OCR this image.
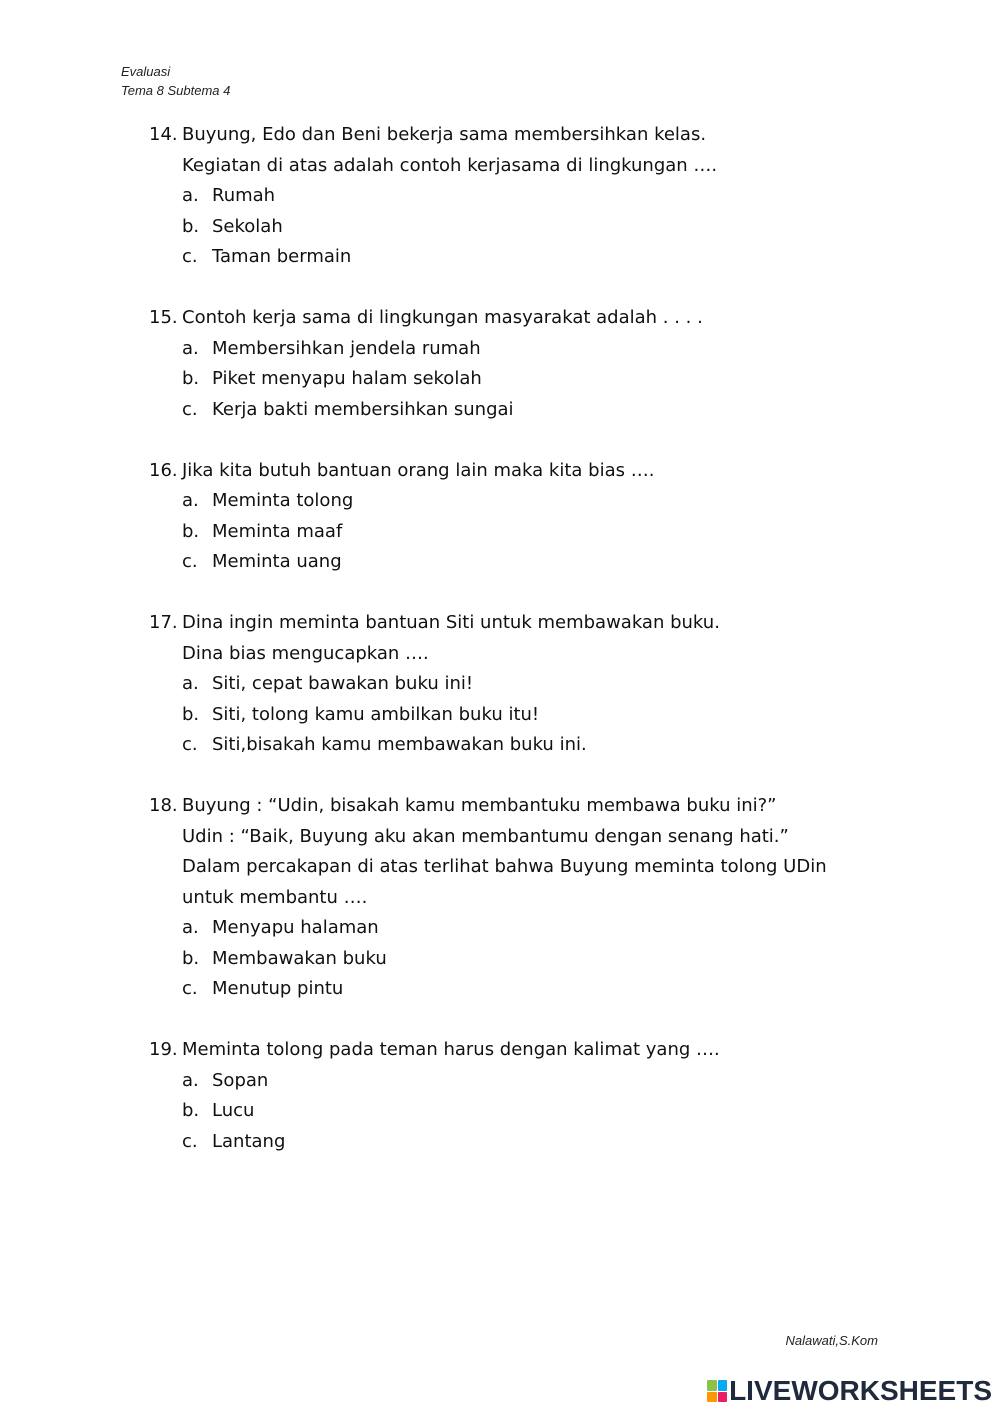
Evaluasi
Tema 8 Subtema 4
14. Buyung, Edo dan Beni bekerja sama membersihkan kelas.
Kegiatan di atas adalah contoh kerjasama di lingkungan ….
a. Rumah
b. Sekolah
c. Taman bermain
15. Contoh kerja sama di lingkungan masyarakat adalah . . . .
a. Membersihkan jendela rumah
b. Piket menyapu halam sekolah
c. Kerja bakti membersihkan sungai
16. Jika kita butuh bantuan orang lain maka kita bias ….
a. Meminta tolong
b. Meminta maaf
c. Meminta uang
17. Dina ingin meminta bantuan Siti untuk membawakan buku.
Dina bias mengucapkan ….
a. Siti, cepat bawakan buku ini!
b. Siti, tolong kamu ambilkan buku itu!
c. Siti,bisakah kamu membawakan buku ini.
18. Buyung : “Udin, bisakah kamu membantuku membawa buku ini?”
Udin : “Baik, Buyung aku akan membantumu dengan senang hati.”
Dalam percakapan di atas terlihat bahwa Buyung meminta tolong UDin
untuk membantu ….
a. Menyapu halaman
b. Membawakan buku
c. Menutup pintu
19. Meminta tolong pada teman harus dengan kalimat yang ….
a. Sopan
b. Lucu
c. Lantang
Nalawati,S.Kom
LIVEWORKSHEETS
